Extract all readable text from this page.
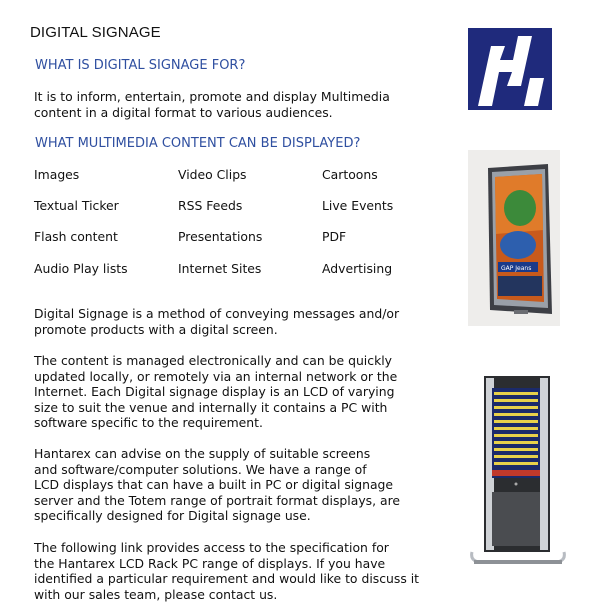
DIGITAL SIGNAGE
WHAT IS DIGITAL SIGNAGE FOR?
It is to inform, entertain, promote and display Multimedia
content in a digital format to various audiences.
WHAT MULTIMEDIA CONTENT CAN BE DISPLAYED?
Images	Video Clips	Cartoons
Textual Ticker	RSS Feeds	Live Events
Flash content	Presentations	PDF
Audio Play lists	Internet Sites	Advertising
Digital Signage is a method of conveying messages and/or
promote products with a digital screen.
The content is managed electronically and can be quickly
updated locally, or remotely via an internal network or the
Internet. Each Digital signage display is an LCD of varying
size to suit the venue and internally it contains a PC with
software specific to the requirement.
Hantarex can advise on the supply of suitable screens
and software/computer solutions. We have a range of
LCD displays that can have a built in PC or digital signage
server and the Totem range of portrait format displays, are
specifically designed for Digital signage use.
The following link provides access to the specification for
the Hantarex LCD Rack PC range of displays. If you have
identified a particular requirement and would like to discuss it
with our sales team, please contact us.
GAP Jeans
